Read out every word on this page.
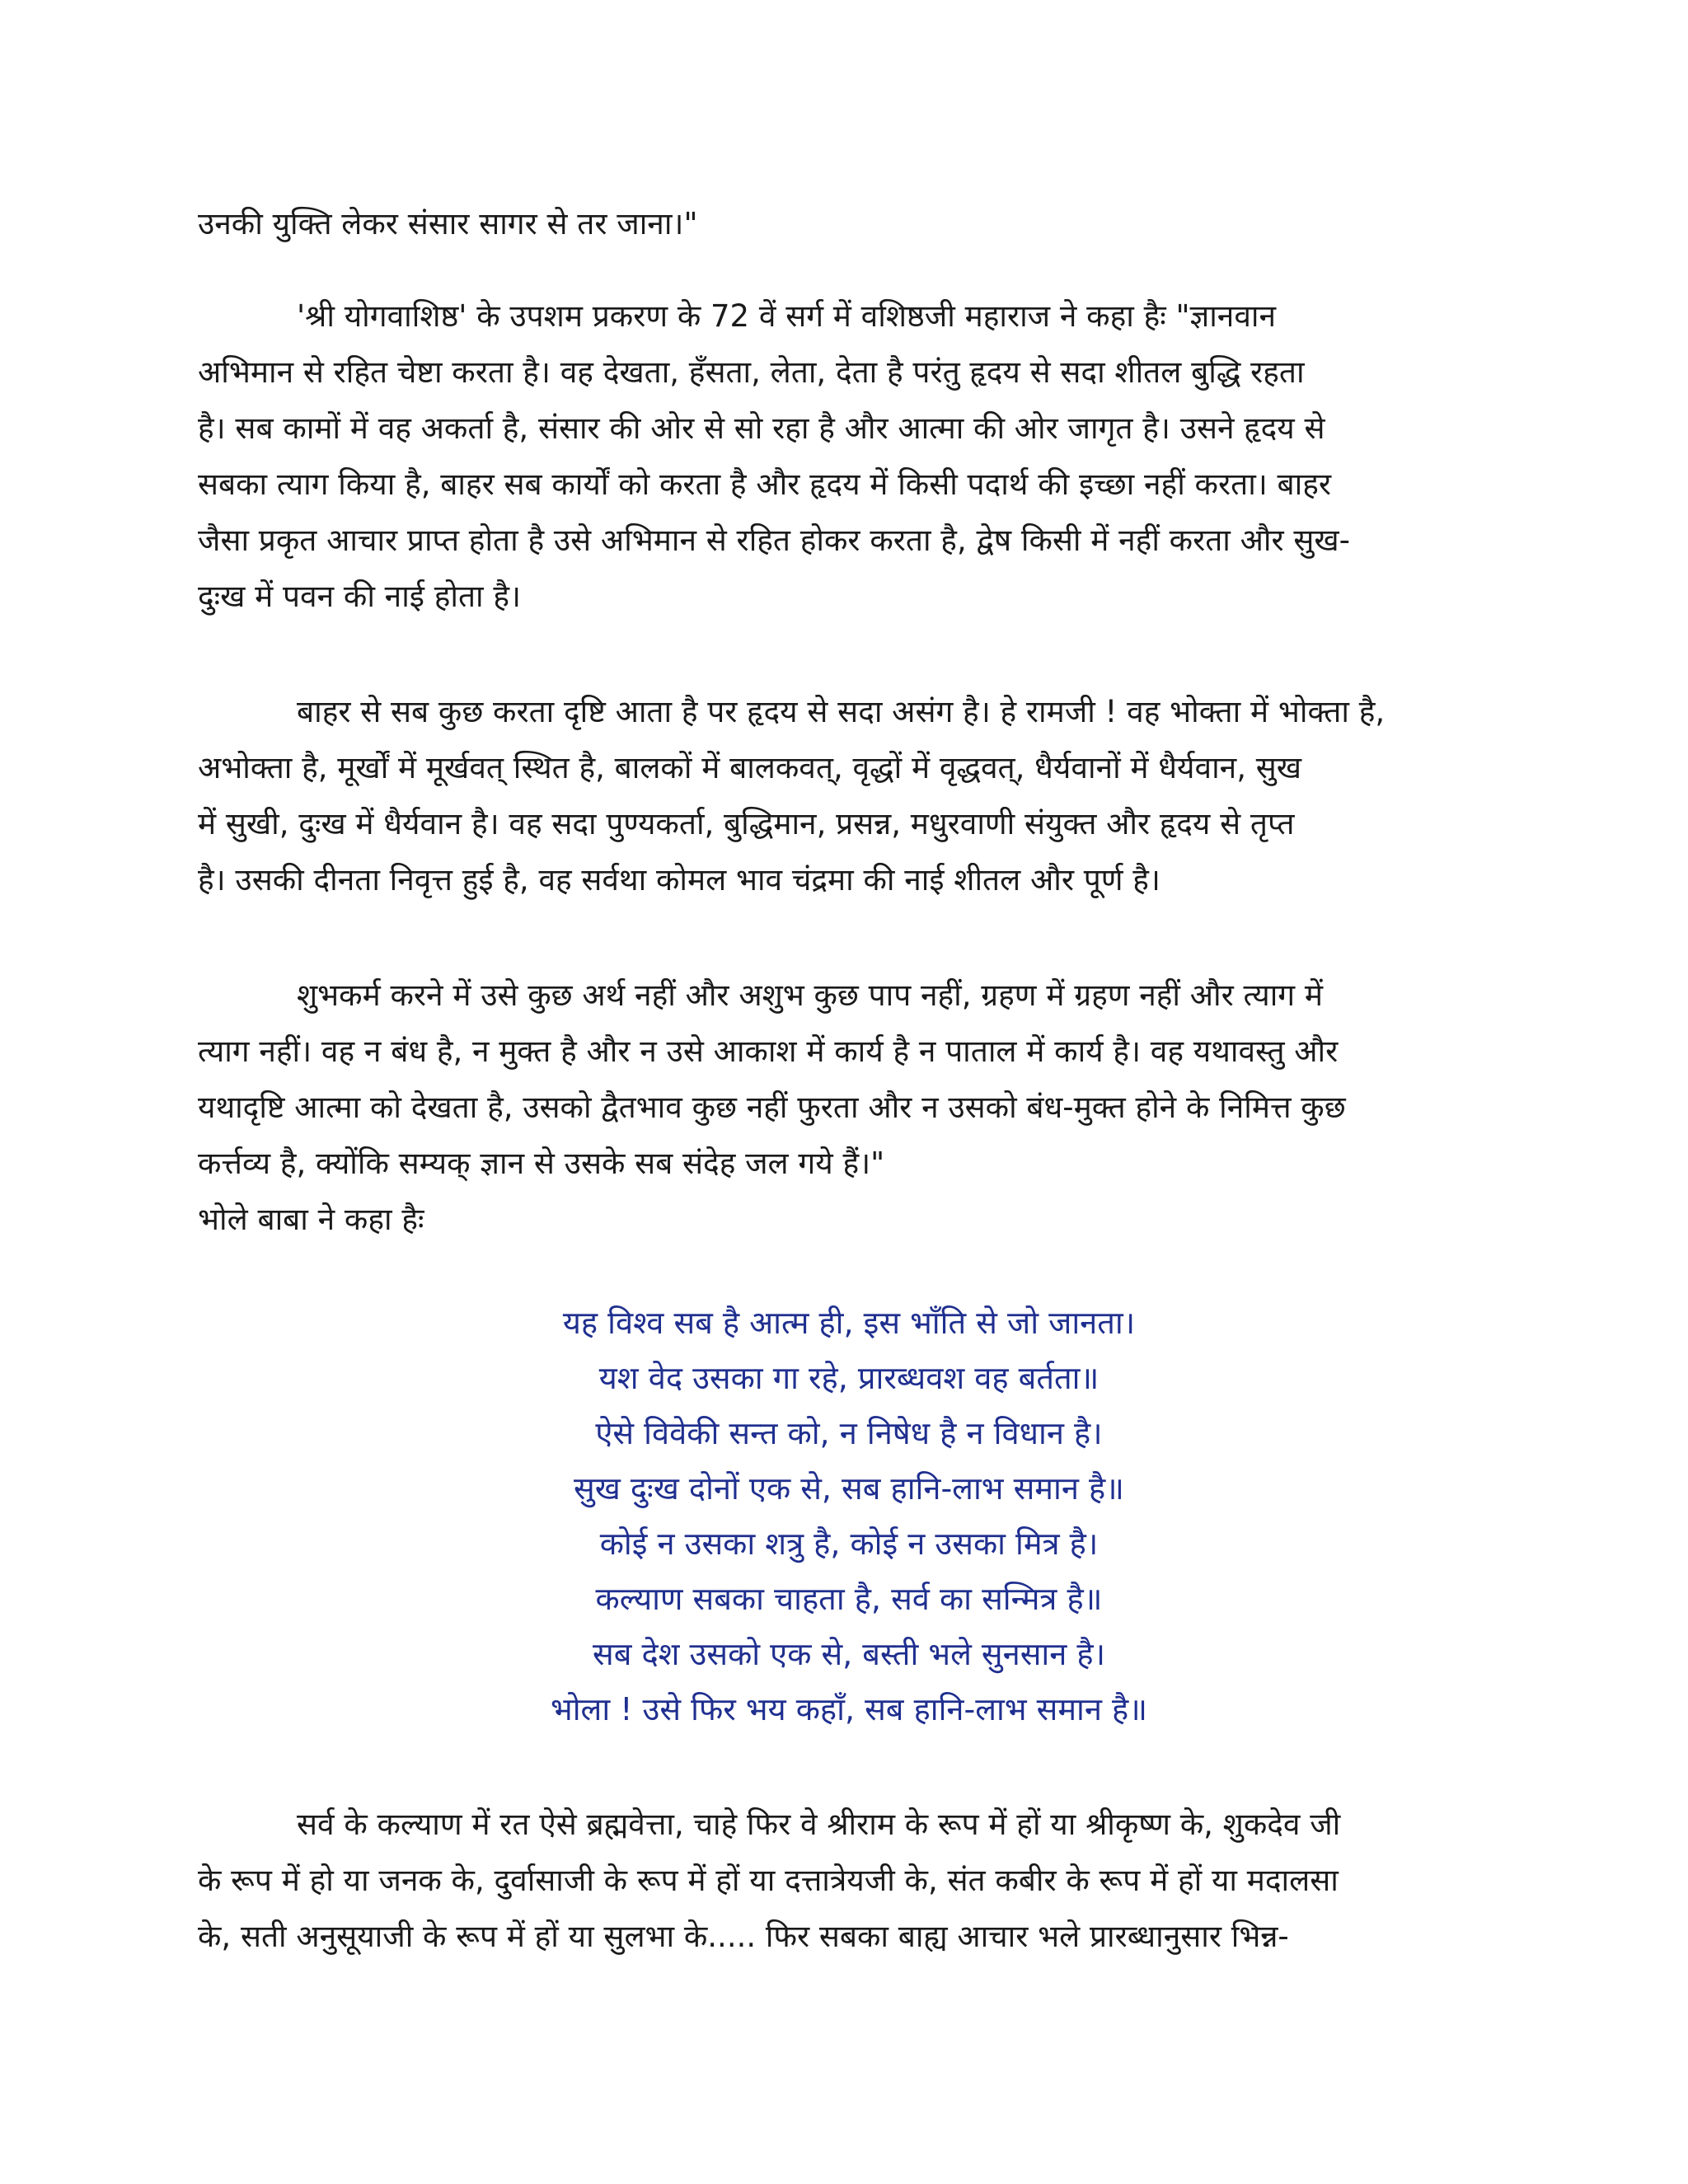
उनकी युक्ति लेकर संसार सागर से तर जाना।"
'श्री योगवाशिष्ठ' के उपशम प्रकरण के 72 वें सर्ग में वशिष्ठजी महाराज ने कहा हैः "ज्ञानवान
अभिमान से रहित चेष्टा करता है। वह देखता, हँसता, लेता, देता है परंतु हृदय से सदा शीतल बुद्धि रहता
है। सब कामों में वह अकर्ता है, संसार की ओर से सो रहा है और आत्मा की ओर जागृत है। उसने हृदय से
सबका त्याग किया है, बाहर सब कार्यों को करता है और हृदय में किसी पदार्थ की इच्छा नहीं करता। बाहर
जैसा प्रकृत आचार प्राप्त होता है उसे अभिमान से रहित होकर करता है, द्वेष किसी में नहीं करता और सुख-
दुःख में पवन की नाई होता है।
बाहर से सब कुछ करता दृष्टि आता है पर हृदय से सदा असंग है। हे रामजी ! वह भोक्ता में भोक्ता है,
अभोक्ता है, मूर्खों में मूर्खवत् स्थित है, बालकों में बालकवत्, वृद्धों में वृद्धवत्, धैर्यवानों में धैर्यवान, सुख
में सुखी, दुःख में धैर्यवान है। वह सदा पुण्यकर्ता, बुद्धिमान, प्रसन्न, मधुरवाणी संयुक्त और हृदय से तृप्त
है। उसकी दीनता निवृत्त हुई है, वह सर्वथा कोमल भाव चंद्रमा की नाई शीतल और पूर्ण है।
शुभकर्म करने में उसे कुछ अर्थ नहीं और अशुभ कुछ पाप नहीं, ग्रहण में ग्रहण नहीं और त्याग में
त्याग नहीं। वह न बंध है, न मुक्त है और न उसे आकाश में कार्य है न पाताल में कार्य है। वह यथावस्तु और
यथादृष्टि आत्मा को देखता है, उसको द्वैतभाव कुछ नहीं फुरता और न उसको बंध-मुक्त होने के निमित्त कुछ
कर्त्तव्य है, क्योंकि सम्यक् ज्ञान से उसके सब संदेह जल गये हैं।"
भोले बाबा ने कहा हैः
यह विश्व सब है आत्म ही, इस भाँति से जो जानता।
यश वेद उसका गा रहे, प्रारब्धवश वह बर्तता॥
ऐसे विवेकी सन्त को, न निषेध है न विधान है।
सुख दुःख दोनों एक से, सब हानि-लाभ समान है॥
कोई न उसका शत्रु है, कोई न उसका मित्र है।
कल्याण सबका चाहता है, सर्व का सन्मित्र है॥
सब देश उसको एक से, बस्ती भले सुनसान है।
भोला ! उसे फिर भय कहाँ, सब हानि-लाभ समान है॥
सर्व के कल्याण में रत ऐसे ब्रह्मवेत्ता, चाहे फिर वे श्रीराम के रूप में हों या श्रीकृष्ण के, शुकदेव जी
के रूप में हो या जनक के, दुर्वासाजी के रूप में हों या दत्तात्रेयजी के, संत कबीर के रूप में हों या मदालसा
के, सती अनुसूयाजी के रूप में हों या सुलभा के..... फिर सबका बाह्य आचार भले प्रारब्धानुसार भिन्न-
